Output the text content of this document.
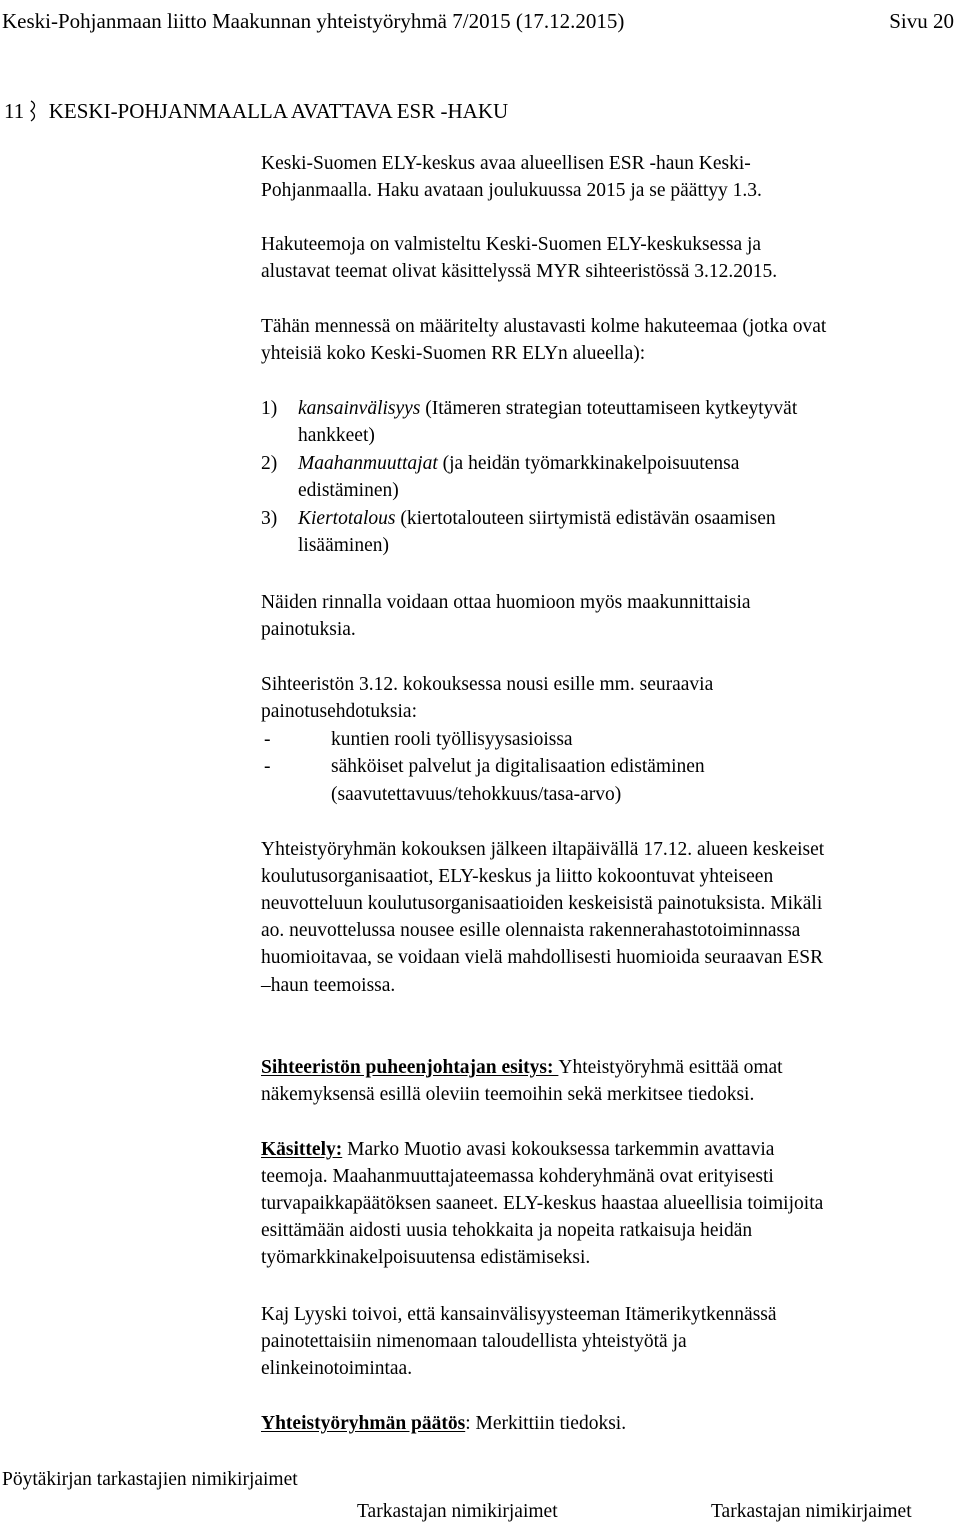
Keski-Pohjanmaan liitto Maakunnan yhteistyöryhmä 7/2015 (17.12.2015)	Sivu 20
11 KESKI-POHJANMAALLA AVATTAVA ESR -HAKU
Keski-Suomen ELY-keskus avaa alueellisen ESR -haun Keski-
Pohjanmaalla. Haku avataan joulukuussa 2015 ja se päättyy 1.3.
Hakuteemoja on valmisteltu Keski-Suomen ELY-keskuksessa ja
alustavat teemat olivat käsittelyssä MYR sihteeristössä 3.12.2015.
Tähän mennessä on määritelty alustavasti kolme hakuteemaa (jotka ovat
yhteisiä koko Keski-Suomen RR ELYn alueella):
1) kansainvälisyys (Itämeren strategian toteuttamiseen kytkeytyvät
hankkeet)
2) Maahanmuuttajat (ja heidän työmarkkinakelpoisuutensa
edistäminen)
3) Kiertotalous (kiertotalouteen siirtymistä edistävän osaamisen
lisääminen)
Näiden rinnalla voidaan ottaa huomioon myös maakunnittaisia
painotuksia.
Sihteeristön 3.12. kokouksessa nousi esille mm. seuraavia
painotusehdotuksia:
-	kuntien rooli työllisyysasioissa
-	sähköiset palvelut ja digitalisaation edistäminen
(saavutettavuus/tehokkuus/tasa-arvo)
Yhteistyöryhmän kokouksen jälkeen iltapäivällä 17.12. alueen keskeiset
koulutusorganisaatiot, ELY-keskus ja liitto kokoontuvat yhteiseen
neuvotteluun koulutusorganisaatioiden keskeisistä painotuksista. Mikäli
ao. neuvottelussa nousee esille olennaista rakennerahastotoiminnassa
huomioitavaa, se voidaan vielä mahdollisesti huomioida seuraavan ESR
–haun teemoissa.
Sihteeristön puheenjohtajan esitys: Yhteistyöryhmä esittää omat
näkemyksensä esillä oleviin teemoihin sekä merkitsee tiedoksi.
Käsittely: Marko Muotio avasi kokouksessa tarkemmin avattavia
teemoja. Maahanmuuttajateemassa kohderyhmänä ovat erityisesti
turvapaikkapäätöksen saaneet. ELY-keskus haastaa alueellisia toimijoita
esittämään aidosti uusia tehokkaita ja nopeita ratkaisuja heidän
työmarkkinakelpoisuutensa edistämiseksi.
Kaj Lyyski toivoi, että kansainvälisyysteeman Itämerikytkennässä
painotettaisiin nimenomaan taloudellista yhteistyötä ja
elinkeinotoimintaa.
Yhteistyöryhmän päätös: Merkittiin tiedoksi.
Pöytäkirjan tarkastajien nimikirjaimet
Tarkastajan nimikirjaimet	Tarkastajan nimikirjaimet
